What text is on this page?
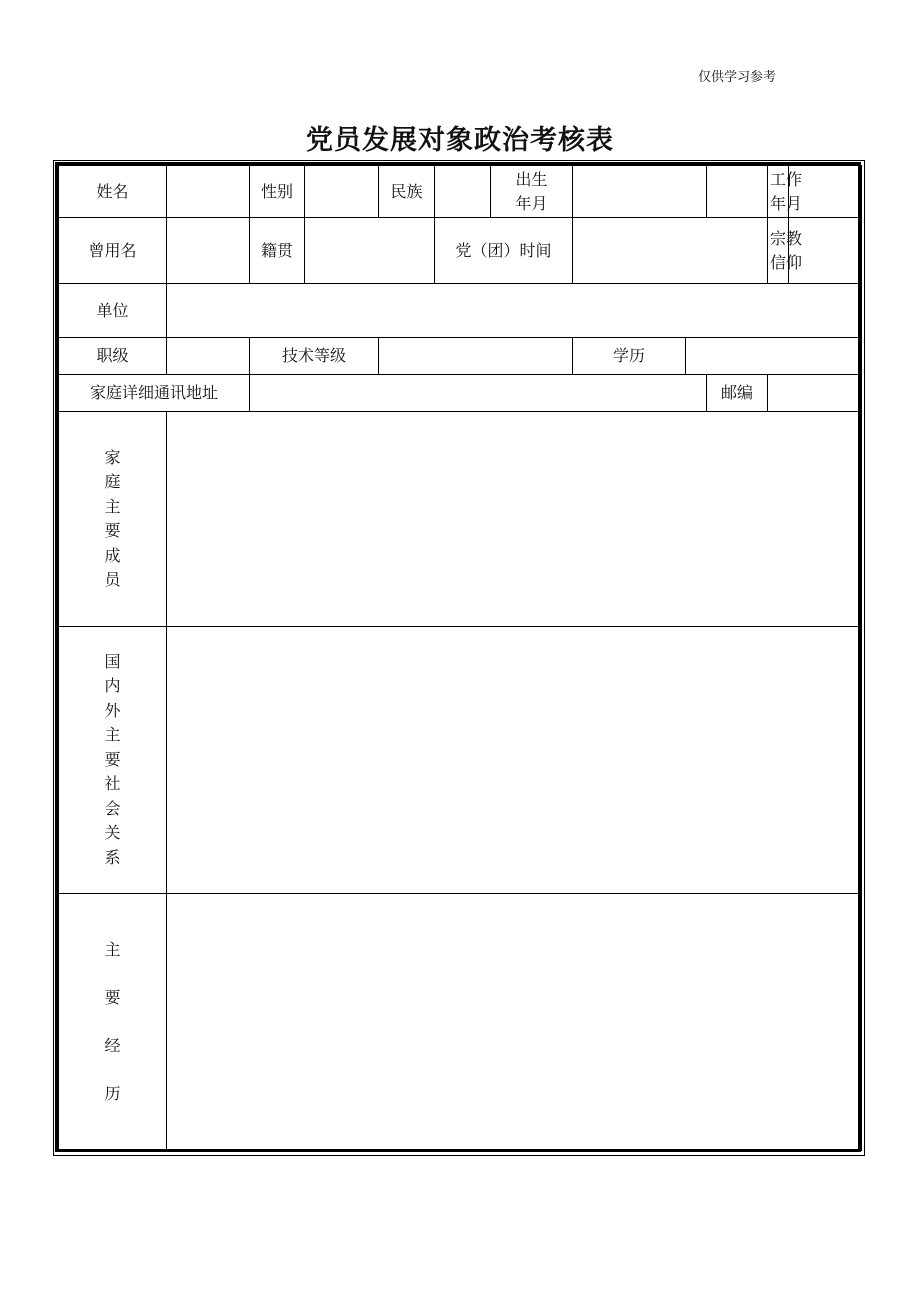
仅供学习参考
党员发展对象政治考核表
姓名		性别		民族		出生年月				工作年月	
曾用名		籍贯			党（团）时间					宗教信仰	
单位											
职级		技术等级					学历				
家庭详细通讯地址									邮编		
家庭主要成员											
国内外主要社会关系											
主要经历											
